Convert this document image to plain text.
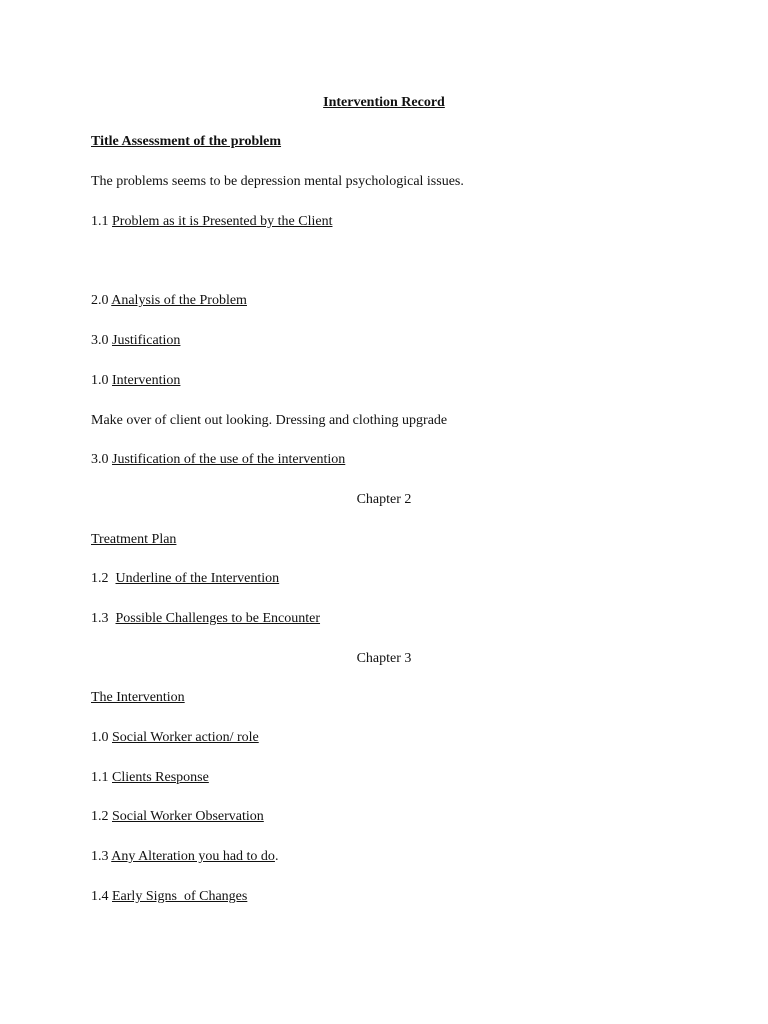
Intervention Record
Title Assessment of the problem
The problems seems to be depression mental psychological issues.
1.1 Problem as it is Presented by the Client
2.0 Analysis of the Problem
3.0 Justification
1.0 Intervention
Make over of client out looking. Dressing and clothing upgrade
3.0 Justification of the use of the intervention
Chapter 2
Treatment Plan
1.2  Underline of the Intervention
1.3  Possible Challenges to be Encounter
Chapter 3
The Intervention
1.0 Social Worker action/ role
1.1 Clients Response
1.2 Social Worker Observation
1.3 Any Alteration you had to do.
1.4 Early Signs  of Changes
